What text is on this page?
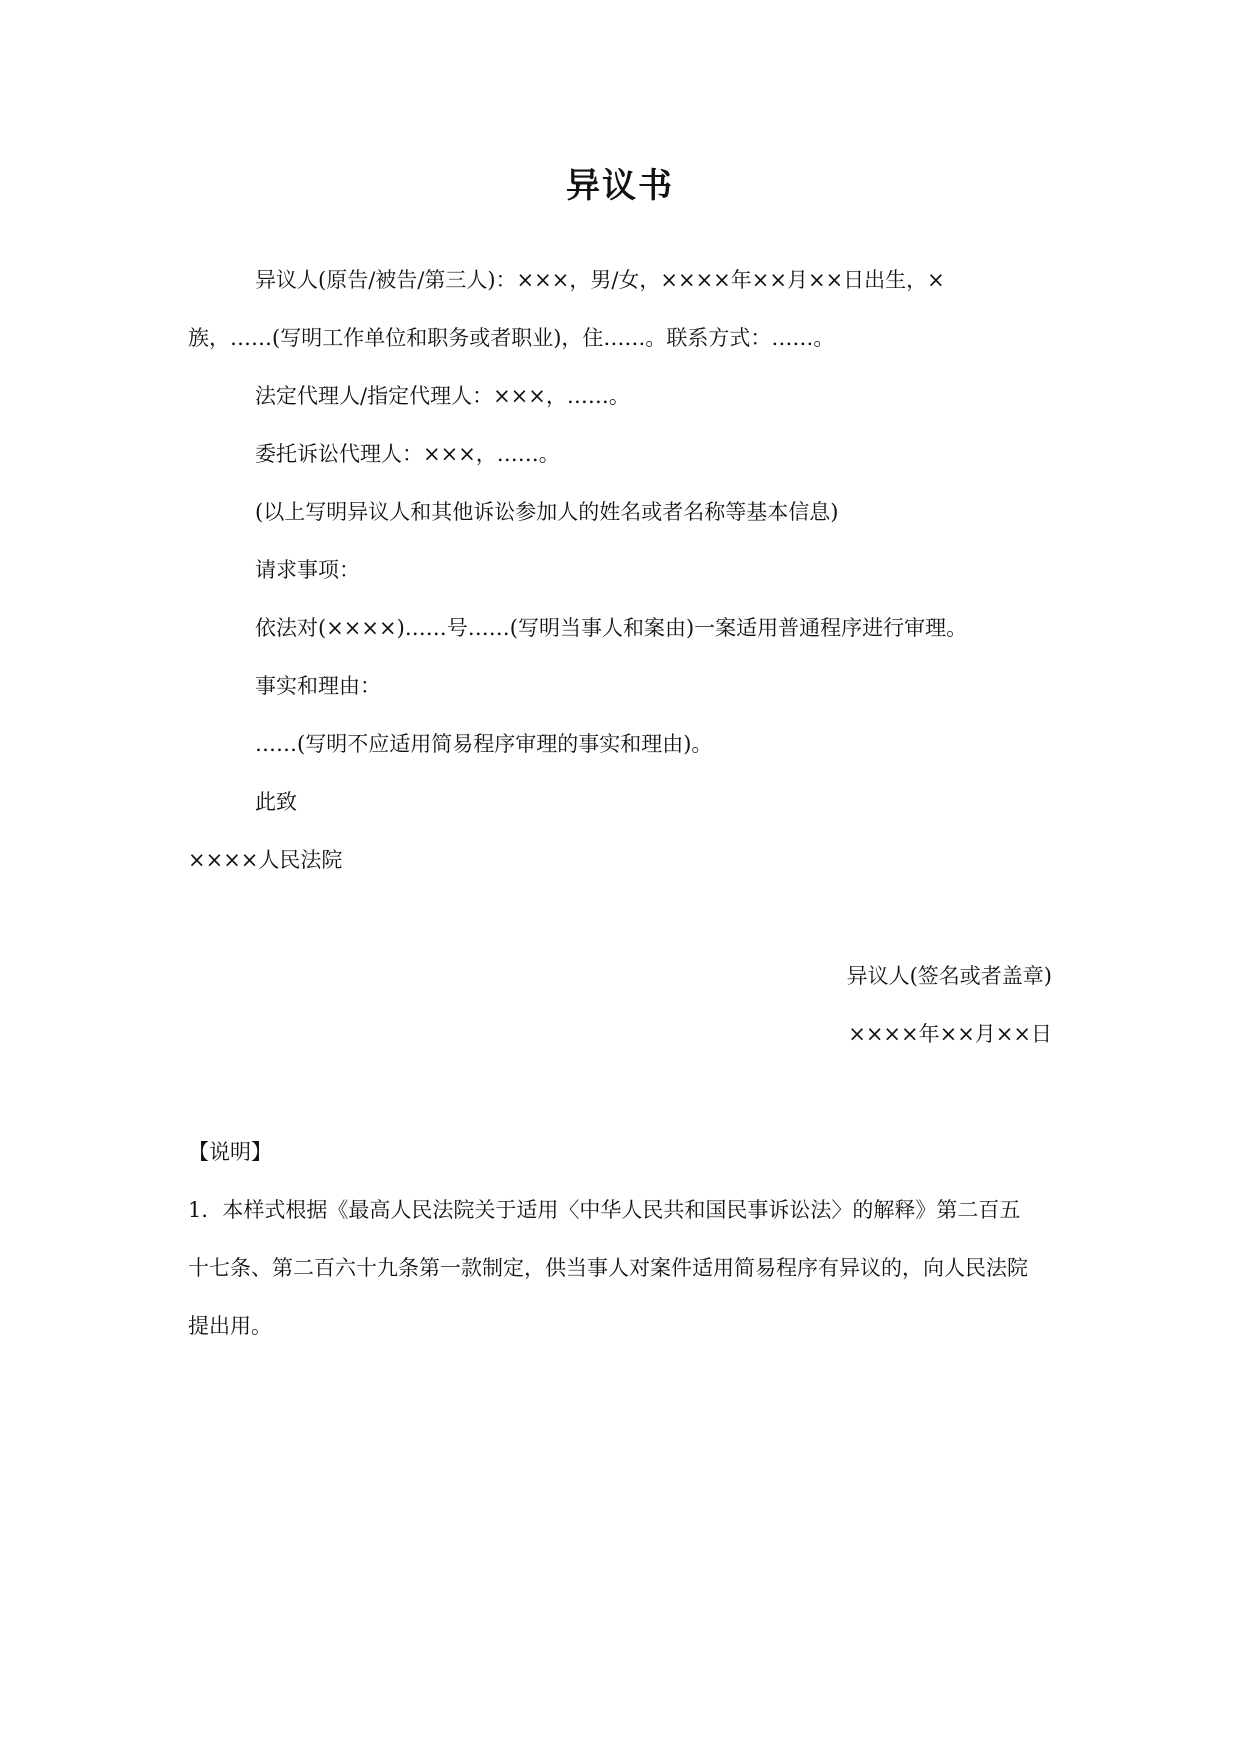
异议书
异议人(原告/被告/第三人)：×××，男/女，××××年××月××日出生，×
族，……(写明工作单位和职务或者职业)，住……。联系方式：……。
法定代理人/指定代理人：×××，……。
委托诉讼代理人：×××，……。
(以上写明异议人和其他诉讼参加人的姓名或者名称等基本信息)
请求事项：
依法对(××××)……号……(写明当事人和案由)一案适用普通程序进行审理。
事实和理由：
……(写明不应适用简易程序审理的事实和理由)。
此致
××××人民法院
异议人(签名或者盖章)
××××年××月××日
【说明】
1．本样式根据《最高人民法院关于适用〈中华人民共和国民事诉讼法〉的解释》第二百五
十七条、第二百六十九条第一款制定，供当事人对案件适用简易程序有异议的，向人民法院
提出用。
